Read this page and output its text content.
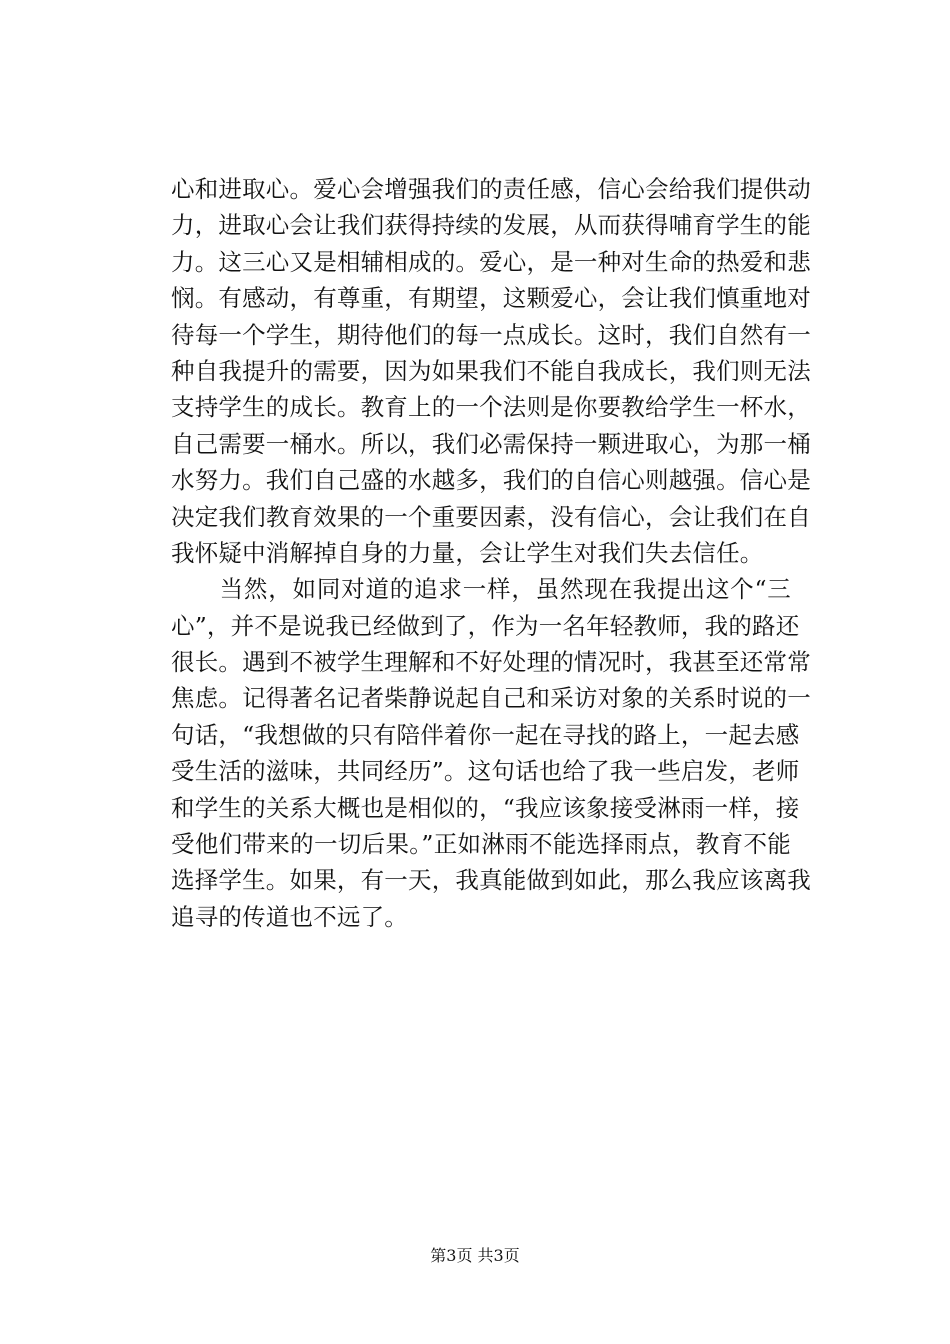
心和进取心。爱心会增强我们的责任感，信心会给我们提供动
力，进取心会让我们获得持续的发展，从而获得哺育学生的能
力。这三心又是相辅相成的。爱心，是一种对生命的热爱和悲
悯。有感动，有尊重，有期望，这颗爱心，会让我们慎重地对
待每一个学生，期待他们的每一点成长。这时，我们自然有一
种自我提升的需要，因为如果我们不能自我成长，我们则无法
支持学生的成长。教育上的一个法则是你要教给学生一杯水，
自己需要一桶水。所以，我们必需保持一颗进取心，为那一桶
水努力。我们自己盛的水越多，我们的自信心则越强。信心是
决定我们教育效果的一个重要因素，没有信心，会让我们在自
我怀疑中消解掉自身的力量，会让学生对我们失去信任。
　　当然，如同对道的追求一样，虽然现在我提出这个“三
心”，并不是说我已经做到了，作为一名年轻教师，我的路还
很长。遇到不被学生理解和不好处理的情况时，我甚至还常常
焦虑。记得著名记者柴静说起自己和采访对象的关系时说的一
句话，“我想做的只有陪伴着你一起在寻找的路上，一起去感
受生活的滋味，共同经历”。这句话也给了我一些启发，老师
和学生的关系大概也是相似的，“我应该象接受淋雨一样，接
受他们带来的一切后果。”正如淋雨不能选择雨点，教育不能
选择学生。如果，有一天，我真能做到如此，那么我应该离我
追寻的传道也不远了。
第3页 共3页
